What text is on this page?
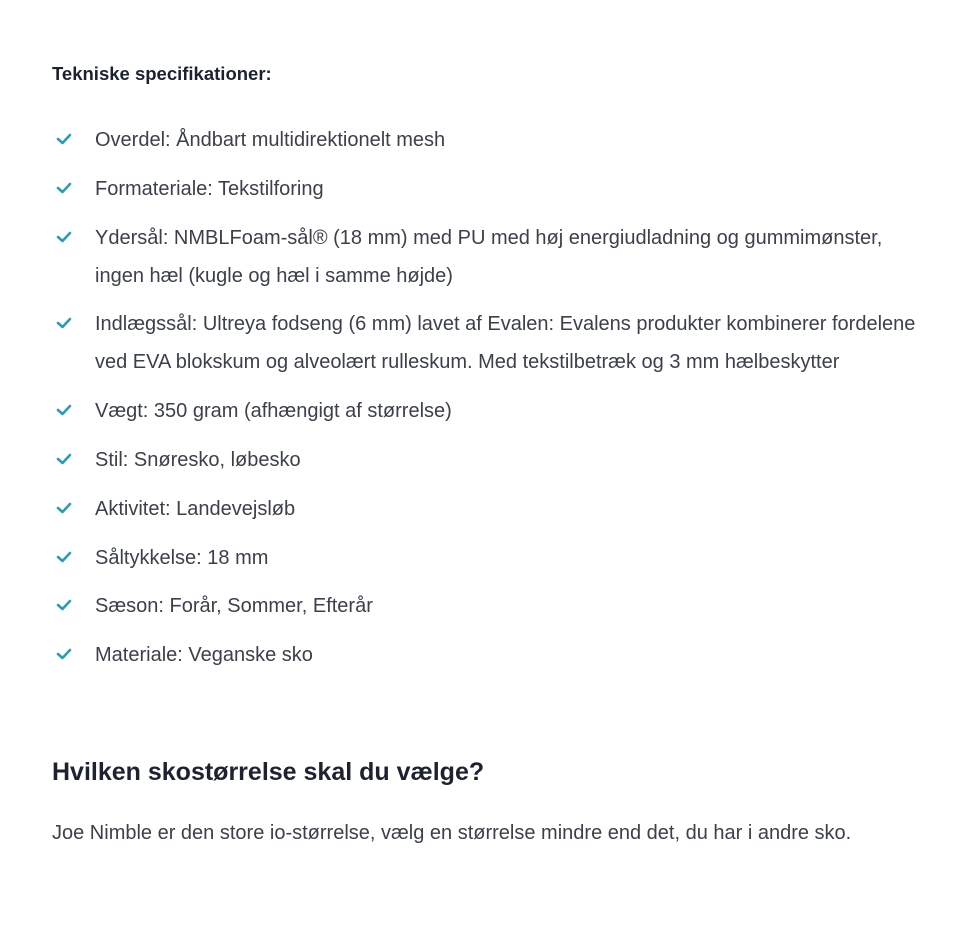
Tekniske specifikationer:
Overdel: Åndbart multidirektionelt mesh
Formateriale: Tekstilforing
Ydersål: NMBLFoam-sål® (18 mm) med PU med høj energiudladning og gummimønster, ingen hæl (kugle og hæl i samme højde)
Indlægssål: Ultreya fodseng (6 mm) lavet af Evalen: Evalens produkter kombinerer fordelene ved EVA blokskum og alveolært rulleskum. Med tekstilbetræk og 3 mm hælbeskytter
Vægt: 350 gram (afhængigt af størrelse)
Stil: Snøresko, løbesko
Aktivitet: Landevejsløb
Såltykkelse: 18 mm
Sæson: Forår, Sommer, Efterår
Materiale: Veganske sko
Hvilken skostørrelse skal du vælge?

Joe Nimble er den store io-størrelse, vælg en størrelse mindre end det, du har i andre sko.
